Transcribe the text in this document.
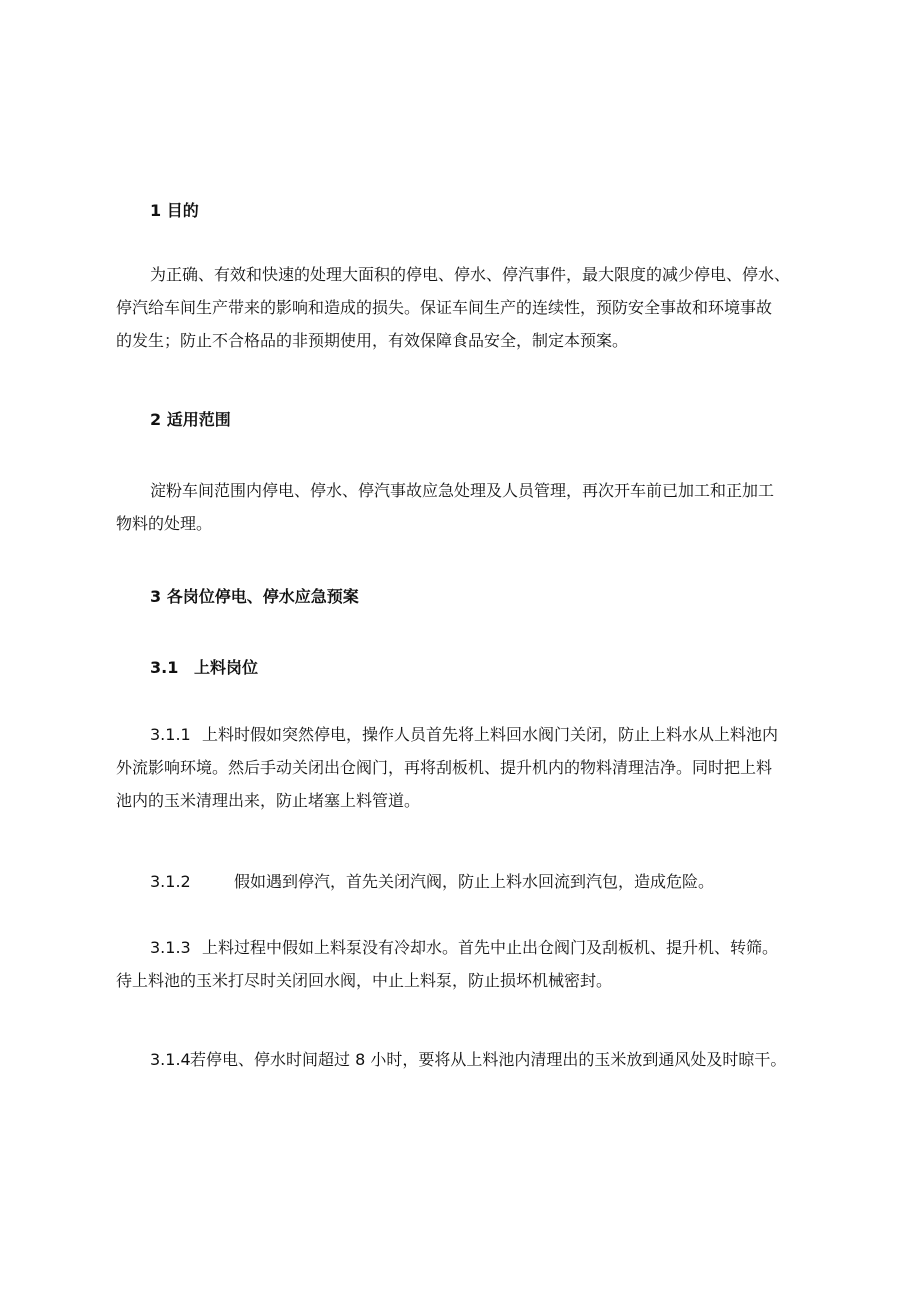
1 目的
为正确、有效和快速的处理大面积的停电、停水、停汽事件，最大限度的减少停电、停水、
停汽给车间生产带来的影响和造成的损失。保证车间生产的连续性，预防安全事故和环境事故
的发生；防止不合格品的非预期使用，有效保障食品安全，制定本预案。
2 适用范围
淀粉车间范围内停电、停水、停汽事故应急处理及人员管理，再次开车前已加工和正加工
物料的处理。
3 各岗位停电、停水应急预案
3.1 上料岗位
3.1.1 上料时假如突然停电，操作人员首先将上料回水阀门关闭，防止上料水从上料池内
外流影响环境。然后手动关闭出仓阀门，再将刮板机、提升机内的物料清理洁净。同时把上料
池内的玉米清理出来，防止堵塞上料管道。
3.1.2	假如遇到停汽，首先关闭汽阀，防止上料水回流到汽包，造成危险。
3.1.3 上料过程中假如上料泵没有冷却水。首先中止出仓阀门及刮板机、提升机、转筛。
待上料池的玉米打尽时关闭回水阀，中止上料泵，防止损坏机械密封。
3.1.4若停电、停水时间超过 8 小时，要将从上料池内清理出的玉米放到通风处及时晾干。
